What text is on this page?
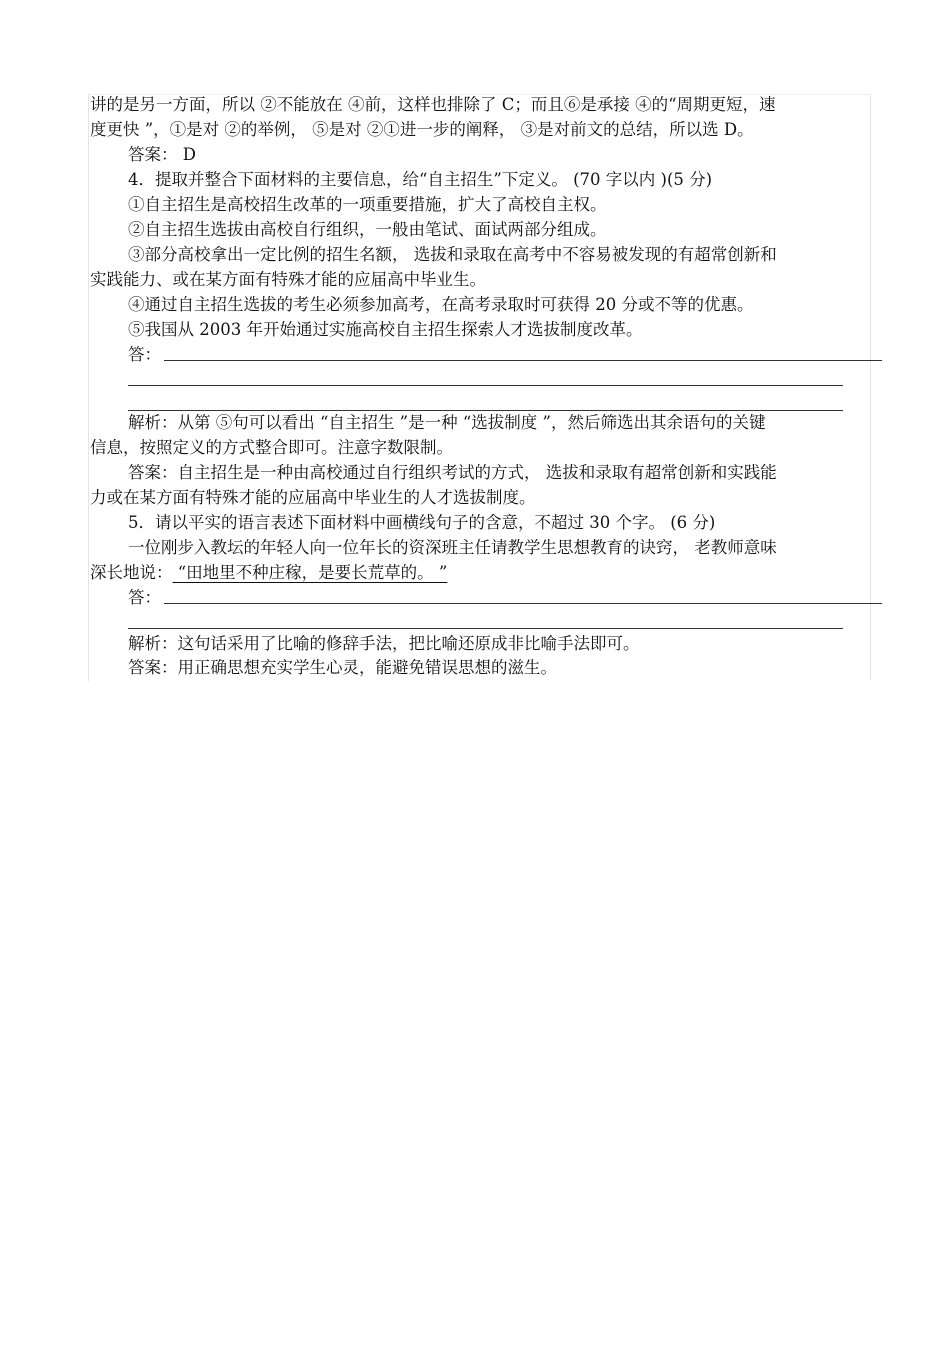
讲的是另一方面，所以 ②不能放在 ④前，这样也排除了 C；而且⑥是承接 ④的“周期更短，速
度更快 ”，①是对 ②的举例， ⑤是对 ②①进一步的阐释， ③是对前文的总结，所以选 D。
答案： D
4．提取并整合下面材料的主要信息，给“自主招生”下定义。 (70 字以内 )(5 分)
①自主招生是高校招生改革的一项重要措施，扩大了高校自主权。
②自主招生选拔由高校自行组织，一般由笔试、面试两部分组成。
③部分高校拿出一定比例的招生名额， 选拔和录取在高考中不容易被发现的有超常创新和
实践能力、或在某方面有特殊才能的应届高中毕业生。
④通过自主招生选拔的考生必须参加高考，在高考录取时可获得 20 分或不等的优惠。
⑤我国从 2003 年开始通过实施高校自主招生探索人才选拔制度改革。
答：
解析：从第 ⑤句可以看出 “自主招生 ”是一种 “选拔制度 ”，然后筛选出其余语句的关键
信息，按照定义的方式整合即可。注意字数限制。
答案：自主招生是一种由高校通过自行组织考试的方式， 选拔和录取有超常创新和实践能
力或在某方面有特殊才能的应届高中毕业生的人才选拔制度。
5．请以平实的语言表述下面材料中画横线句子的含意，不超过 30 个字。 (6 分)
一位刚步入教坛的年轻人向一位年长的资深班主任请教学生思想教育的诀窍， 老教师意味
深长地说： “田地里不种庄稼，是要长荒草的。 ”
答：
解析：这句话采用了比喻的修辞手法，把比喻还原成非比喻手法即可。
答案：用正确思想充实学生心灵，能避免错误思想的滋生。
